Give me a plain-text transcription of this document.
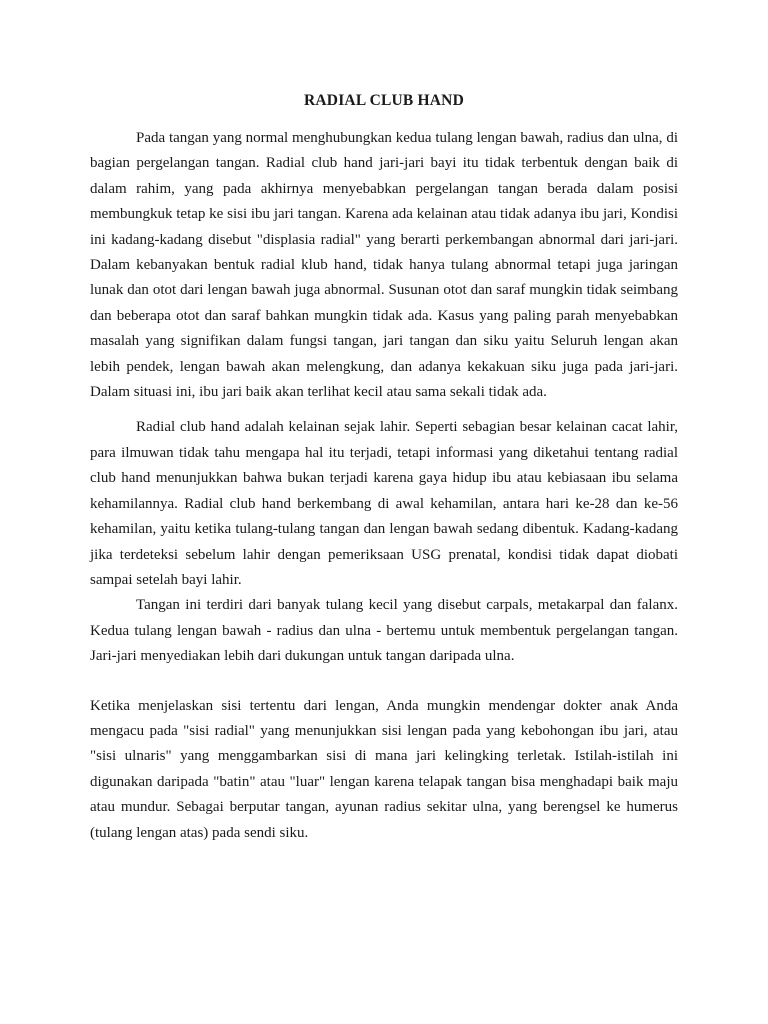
RADIAL CLUB HAND

Pada tangan yang normal menghubungkan kedua tulang lengan bawah, radius dan ulna, di bagian pergelangan tangan. Radial club hand jari-jari bayi itu tidak terbentuk dengan baik di dalam rahim, yang pada akhirnya menyebabkan pergelangan tangan berada dalam posisi membungkuk tetap ke sisi ibu jari tangan. Karena ada kelainan atau tidak adanya ibu jari, Kondisi ini kadang-kadang disebut "displasia radial" yang berarti perkembangan abnormal dari jari-jari. Dalam kebanyakan bentuk radial klub hand, tidak hanya tulang abnormal tetapi juga jaringan lunak dan otot dari lengan bawah juga abnormal. Susunan otot dan saraf mungkin tidak seimbang dan beberapa otot dan saraf bahkan mungkin tidak ada. Kasus yang paling parah menyebabkan masalah yang signifikan dalam fungsi tangan, jari tangan dan siku yaitu Seluruh lengan akan lebih pendek, lengan bawah akan melengkung, dan adanya kekakuan siku juga pada jari-jari. Dalam situasi ini, ibu jari baik akan terlihat kecil atau sama sekali tidak ada.

Radial club hand adalah kelainan sejak lahir. Seperti sebagian besar kelainan cacat lahir, para ilmuwan tidak tahu mengapa hal itu terjadi, tetapi informasi yang diketahui tentang radial club hand menunjukkan bahwa bukan terjadi karena gaya hidup ibu atau kebiasaan ibu selama kehamilannya. Radial club hand berkembang di awal kehamilan, antara hari ke-28 dan ke-56 kehamilan, yaitu ketika tulang-tulang tangan dan lengan bawah sedang dibentuk. Kadang-kadang jika terdeteksi sebelum lahir dengan pemeriksaan USG prenatal, kondisi tidak dapat diobati sampai setelah bayi lahir.

Tangan ini terdiri dari banyak tulang kecil yang disebut carpals, metakarpal dan falanx. Kedua tulang lengan bawah - radius dan ulna - bertemu untuk membentuk pergelangan tangan. Jari-jari menyediakan lebih dari dukungan untuk tangan daripada ulna.

Ketika menjelaskan sisi tertentu dari lengan, Anda mungkin mendengar dokter anak Anda mengacu pada "sisi radial" yang menunjukkan sisi lengan pada yang kebohongan ibu jari, atau "sisi ulnaris" yang menggambarkan sisi di mana jari kelingking terletak. Istilah-istilah ini digunakan daripada "batin" atau "luar" lengan karena telapak tangan bisa menghadapi baik maju atau mundur. Sebagai berputar tangan, ayunan radius sekitar ulna, yang berengsel ke humerus (tulang lengan atas) pada sendi siku.
